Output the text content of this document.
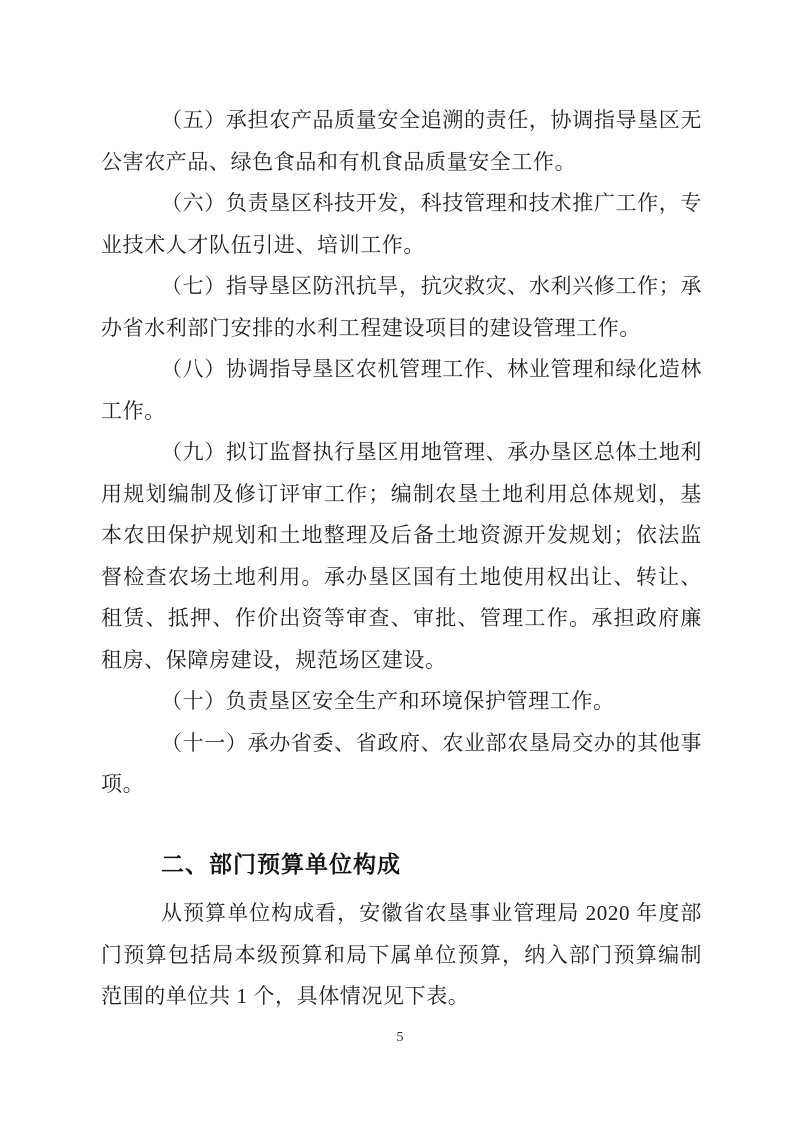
（五）承担农产品质量安全追溯的责任，协调指导垦区无公害农产品、绿色食品和有机食品质量安全工作。

（六）负责垦区科技开发，科技管理和技术推广工作，专业技术人才队伍引进、培训工作。

（七）指导垦区防汛抗旱，抗灾救灾、水利兴修工作；承办省水利部门安排的水利工程建设项目的建设管理工作。

（八）协调指导垦区农机管理工作、林业管理和绿化造林工作。

（九）拟订监督执行垦区用地管理、承办垦区总体土地利用规划编制及修订评审工作；编制农垦土地利用总体规划，基本农田保护规划和土地整理及后备土地资源开发规划；依法监督检查农场土地利用。承办垦区国有土地使用权出让、转让、租赁、抵押、作价出资等审查、审批、管理工作。承担政府廉租房、保障房建设，规范场区建设。

（十）负责垦区安全生产和环境保护管理工作。

（十一）承办省委、省政府、农业部农垦局交办的其他事项。

二、部门预算单位构成

从预算单位构成看，安徽省农垦事业管理局 2020 年度部门预算包括局本级预算和局下属单位预算，纳入部门预算编制范围的单位共 1 个，具体情况见下表。

5
